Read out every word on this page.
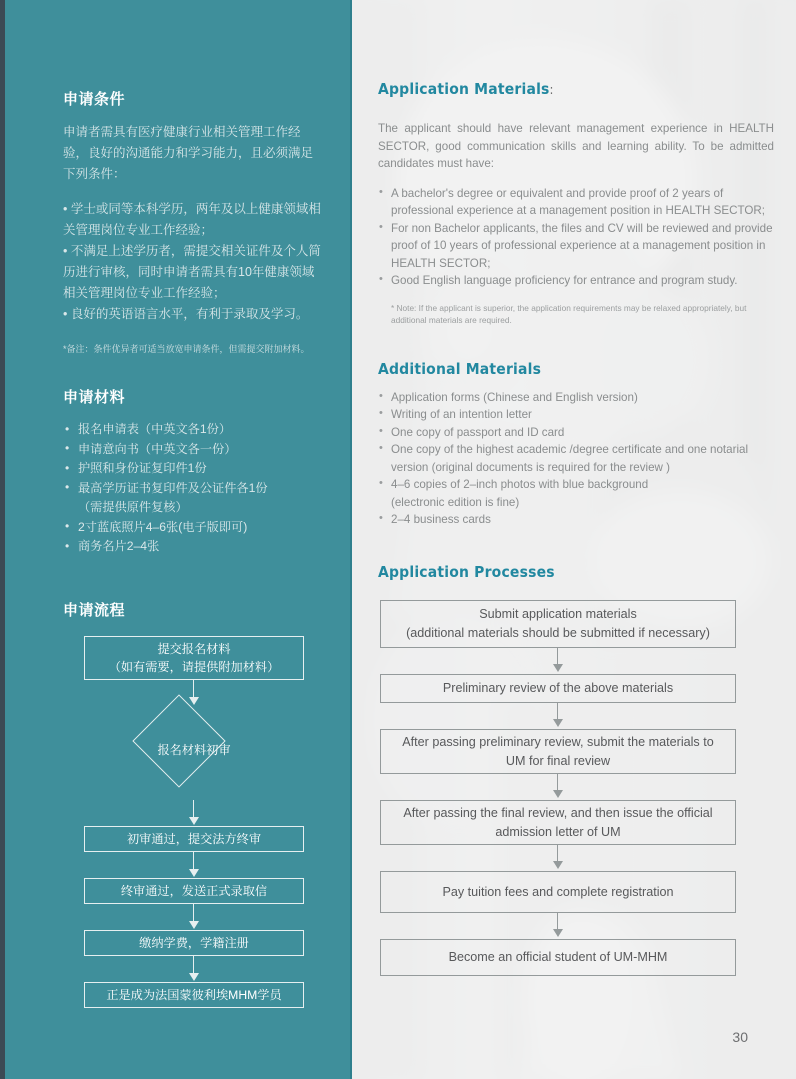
申请条件

申请者需具有医疗健康行业相关管理工作经验，良好的沟通能力和学习能力，且必须满足下列条件：

• 学士或同等本科学历，两年及以上健康领域相关管理岗位专业工作经验；
• 不满足上述学历者，需提交相关证件及个人简历进行审核，同时申请者需具有10年健康领域相关管理岗位专业工作经验；
• 良好的英语语言水平，有利于录取及学习。
*备注：条件优异者可适当放宽申请条件，但需提交附加材料。
申请材料
• 报名申请表（中英文各1份）
• 申请意向书（中英文各一份）
• 护照和身份证复印件1份
• 最高学历证书复印件及公证件各1份
（需提供原件复核）
• 2寸蓝底照片4–6张(电子版即可)
• 商务名片2–4张
申请流程
提交报名材料
（如有需要，请提供附加材料）
报名材料初审
初审通过，提交法方终审
终审通过，发送正式录取信
缴纳学费，学籍注册
正是成为法国蒙彼利埃MHM学员
Application Materials:

The applicant should have relevant management experience in HEALTH SECTOR, good communication skills and learning ability. To be admitted candidates must have:

• A bachelor's degree or equivalent and provide proof of 2 years of professional experience at a management position in HEALTH SECTOR;
• For non Bachelor applicants, the files and CV will be reviewed and provide proof of 10 years of professional experience at a management position in HEALTH SECTOR;
• Good English language proficiency for entrance and program study.
* Note: If the applicant is superior, the application requirements may be relaxed appropriately, but additional materials are required.
Additional Materials
• Application forms (Chinese and English version)
• Writing of an intention letter
• One copy of passport and ID card
• One copy of the highest academic /degree certificate and one notarial
version (original documents is required for the review )
• 4–6 copies of 2–inch photos with blue background
(electronic edition is fine)
• 2–4 business cards
Application Processes
Submit application materials
(additional materials should be submitted if necessary)
Preliminary review of the above materials
After passing preliminary review, submit the materials to
UM for final review
After passing the final review, and then issue the official
admission letter of UM
Pay tuition fees and complete registration
Become an official student of UM-MHM
30
